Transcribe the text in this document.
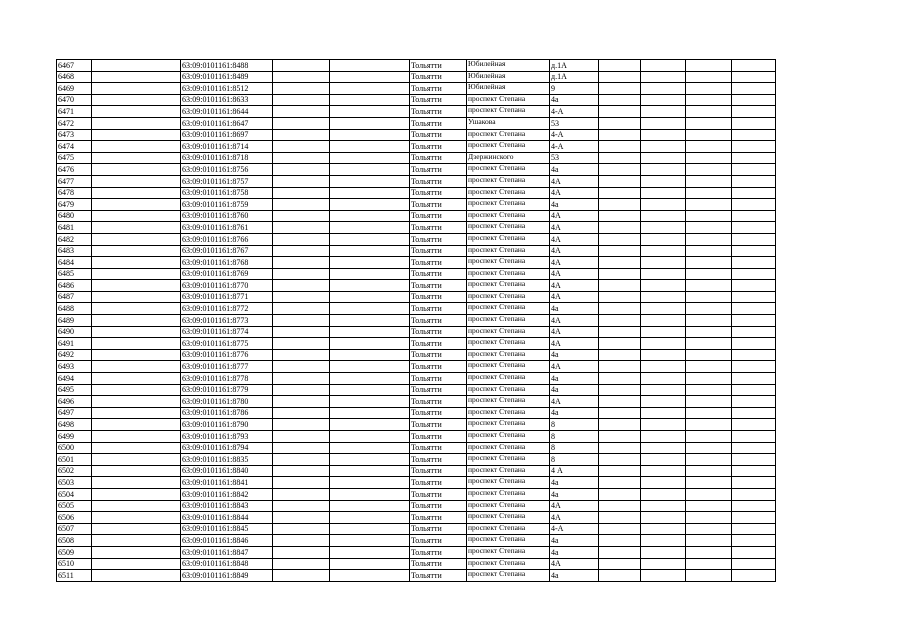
6467		63:09:0101161:8488			Тольятти	Юбилейная	д.1А				
6468		63:09:0101161:8489			Тольятти	Юбилейная	д.1А				
6469		63:09:0101161:8512			Тольятти	Юбилейная	9				
6470		63:09:0101161:8633			Тольятти	проспект Степана	4а				
6471		63:09:0101161:8644			Тольятти	проспект Степана	4-А				
6472		63:09:0101161:8647			Тольятти	Ушакова	53				
6473		63:09:0101161:8697			Тольятти	проспект Степана	4-А				
6474		63:09:0101161:8714			Тольятти	проспект Степана	4-А				
6475		63:09:0101161:8718			Тольятти	Дзержинского	53				
6476		63:09:0101161:8756			Тольятти	проспект Степана	4а				
6477		63:09:0101161:8757			Тольятти	проспект Степана	4А				
6478		63:09:0101161:8758			Тольятти	проспект Степана	4А				
6479		63:09:0101161:8759			Тольятти	проспект Степана	4а				
6480		63:09:0101161:8760			Тольятти	проспект Степана	4А				
6481		63:09:0101161:8761			Тольятти	проспект Степана	4А				
6482		63:09:0101161:8766			Тольятти	проспект Степана	4А				
6483		63:09:0101161:8767			Тольятти	проспект Степана	4А				
6484		63:09:0101161:8768			Тольятти	проспект Степана	4А				
6485		63:09:0101161:8769			Тольятти	проспект Степана	4А				
6486		63:09:0101161:8770			Тольятти	проспект Степана	4А				
6487		63:09:0101161:8771			Тольятти	проспект Степана	4А				
6488		63:09:0101161:8772			Тольятти	проспект Степана	4а				
6489		63:09:0101161:8773			Тольятти	проспект Степана	4А				
6490		63:09:0101161:8774			Тольятти	проспект Степана	4А				
6491		63:09:0101161:8775			Тольятти	проспект Степана	4А				
6492		63:09:0101161:8776			Тольятти	проспект Степана	4а				
6493		63:09:0101161:8777			Тольятти	проспект Степана	4А				
6494		63:09:0101161:8778			Тольятти	проспект Степана	4а				
6495		63:09:0101161:8779			Тольятти	проспект Степана	4а				
6496		63:09:0101161:8780			Тольятти	проспект Степана	4А				
6497		63:09:0101161:8786			Тольятти	проспект Степана	4а				
6498		63:09:0101161:8790			Тольятти	проспект Степана	8				
6499		63:09:0101161:8793			Тольятти	проспект Степана	8				
6500		63:09:0101161:8794			Тольятти	проспект Степана	8				
6501		63:09:0101161:8835			Тольятти	проспект Степана	8				
6502		63:09:0101161:8840			Тольятти	проспект Степана	4 А				
6503		63:09:0101161:8841			Тольятти	проспект Степана	4а				
6504		63:09:0101161:8842			Тольятти	проспект Степана	4а				
6505		63:09:0101161:8843			Тольятти	проспект Степана	4А				
6506		63:09:0101161:8844			Тольятти	проспект Степана	4А				
6507		63:09:0101161:8845			Тольятти	проспект Степана	4-А				
6508		63:09:0101161:8846			Тольятти	проспект Степана	4а				
6509		63:09:0101161:8847			Тольятти	проспект Степана	4а				
6510		63:09:0101161:8848			Тольятти	проспект Степана	4А				
6511		63:09:0101161:8849			Тольятти	проспект Степана	4а				
